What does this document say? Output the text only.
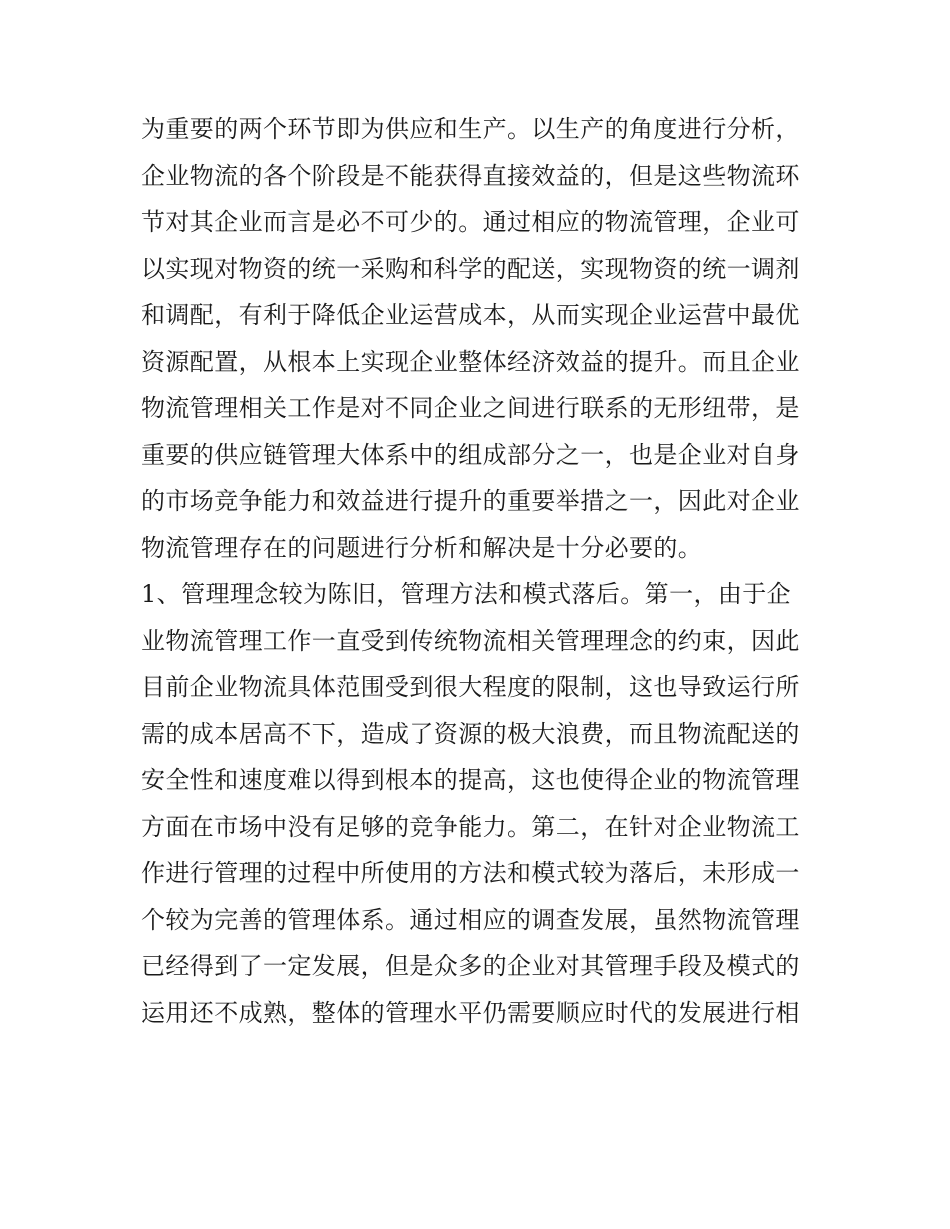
为重要的两个环节即为供应和生产。以生产的角度进行分析，
企业物流的各个阶段是不能获得直接效益的，但是这些物流环
节对其企业而言是必不可少的。通过相应的物流管理，企业可
以实现对物资的统一采购和科学的配送，实现物资的统一调剂
和调配，有利于降低企业运营成本，从而实现企业运营中最优
资源配置，从根本上实现企业整体经济效益的提升。而且企业
物流管理相关工作是对不同企业之间进行联系的无形纽带，是
重要的供应链管理大体系中的组成部分之一，也是企业对自身
的市场竞争能力和效益进行提升的重要举措之一，因此对企业
物流管理存在的问题进行分析和解决是十分必要的。
1、管理理念较为陈旧，管理方法和模式落后。第一，由于企
业物流管理工作一直受到传统物流相关管理理念的约束，因此
目前企业物流具体范围受到很大程度的限制，这也导致运行所
需的成本居高不下，造成了资源的极大浪费，而且物流配送的
安全性和速度难以得到根本的提高，这也使得企业的物流管理
方面在市场中没有足够的竞争能力。第二，在针对企业物流工
作进行管理的过程中所使用的方法和模式较为落后，未形成一
个较为完善的管理体系。通过相应的调查发展，虽然物流管理
已经得到了一定发展，但是众多的企业对其管理手段及模式的
运用还不成熟，整体的管理水平仍需要顺应时代的发展进行相
